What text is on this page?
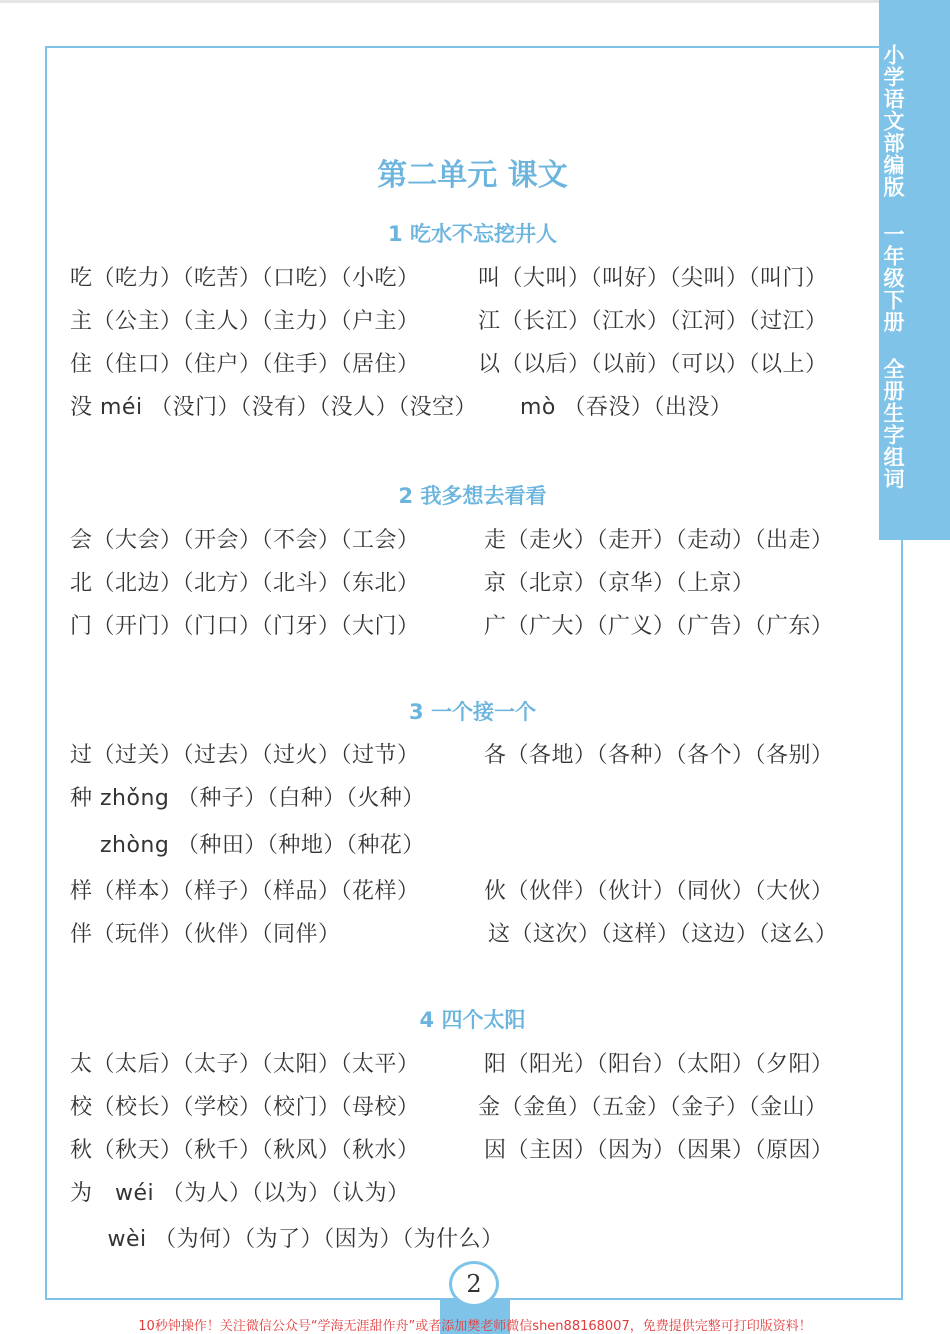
小学语文部编版 一年级下册 全册生字组词
第二单元 课文
1 吃水不忘挖井人
吃（吃力）（吃苦）（口吃）（小吃）	叫（大叫）（叫好）（尖叫）（叫门）
主（公主）（主人）（主力）（户主）	江（长江）（江水）（江河）（过江）
住（住口）（住户）（住手）（居住）	以（以后）（以前）（可以）（以上）
没 méi （没门）（没有）（没人）（没空） mò （吞没）（出没）
2 我多想去看看
会（大会）（开会）（不会）（工会）	走（走火）（走开）（走动）（出走）
北（北边）（北方）（北斗）（东北）	京（北京）（京华）（上京）
门（开门）（门口）（门牙）（大门）	广（广大）（广义）（广告）（广东）
3 一个接一个
过（过关）（过去）（过火）（过节）	各（各地）（各种）（各个）（各别）
种 zhǒng （种子）（白种）（火种）
zhòng （种田）（种地）（种花）
样（样本）（样子）（样品）（花样）	伙（伙伴）（伙计）（同伙）（大伙）
伴（玩伴）（伙伴）（同伴）	这（这次）（这样）（这边）（这么）
4 四个太阳
太（太后）（太子）（太阳）（太平）	阳（阳光）（阳台）（太阳）（夕阳）
校（校长）（学校）（校门）（母校）	金（金鱼）（五金）（金子）（金山）
秋（秋天）（秋千）（秋风）（秋水）	因（主因）（因为）（因果）（原因）
为   wéi （为人）（以为）（认为）
wèi （为何）（为了）（因为）（为什么）
2
10秒钟操作！关注微信公众号“学海无涯甜作舟”或者添加樊老师微信shen88168007，免费提供完整可打印版资料！
